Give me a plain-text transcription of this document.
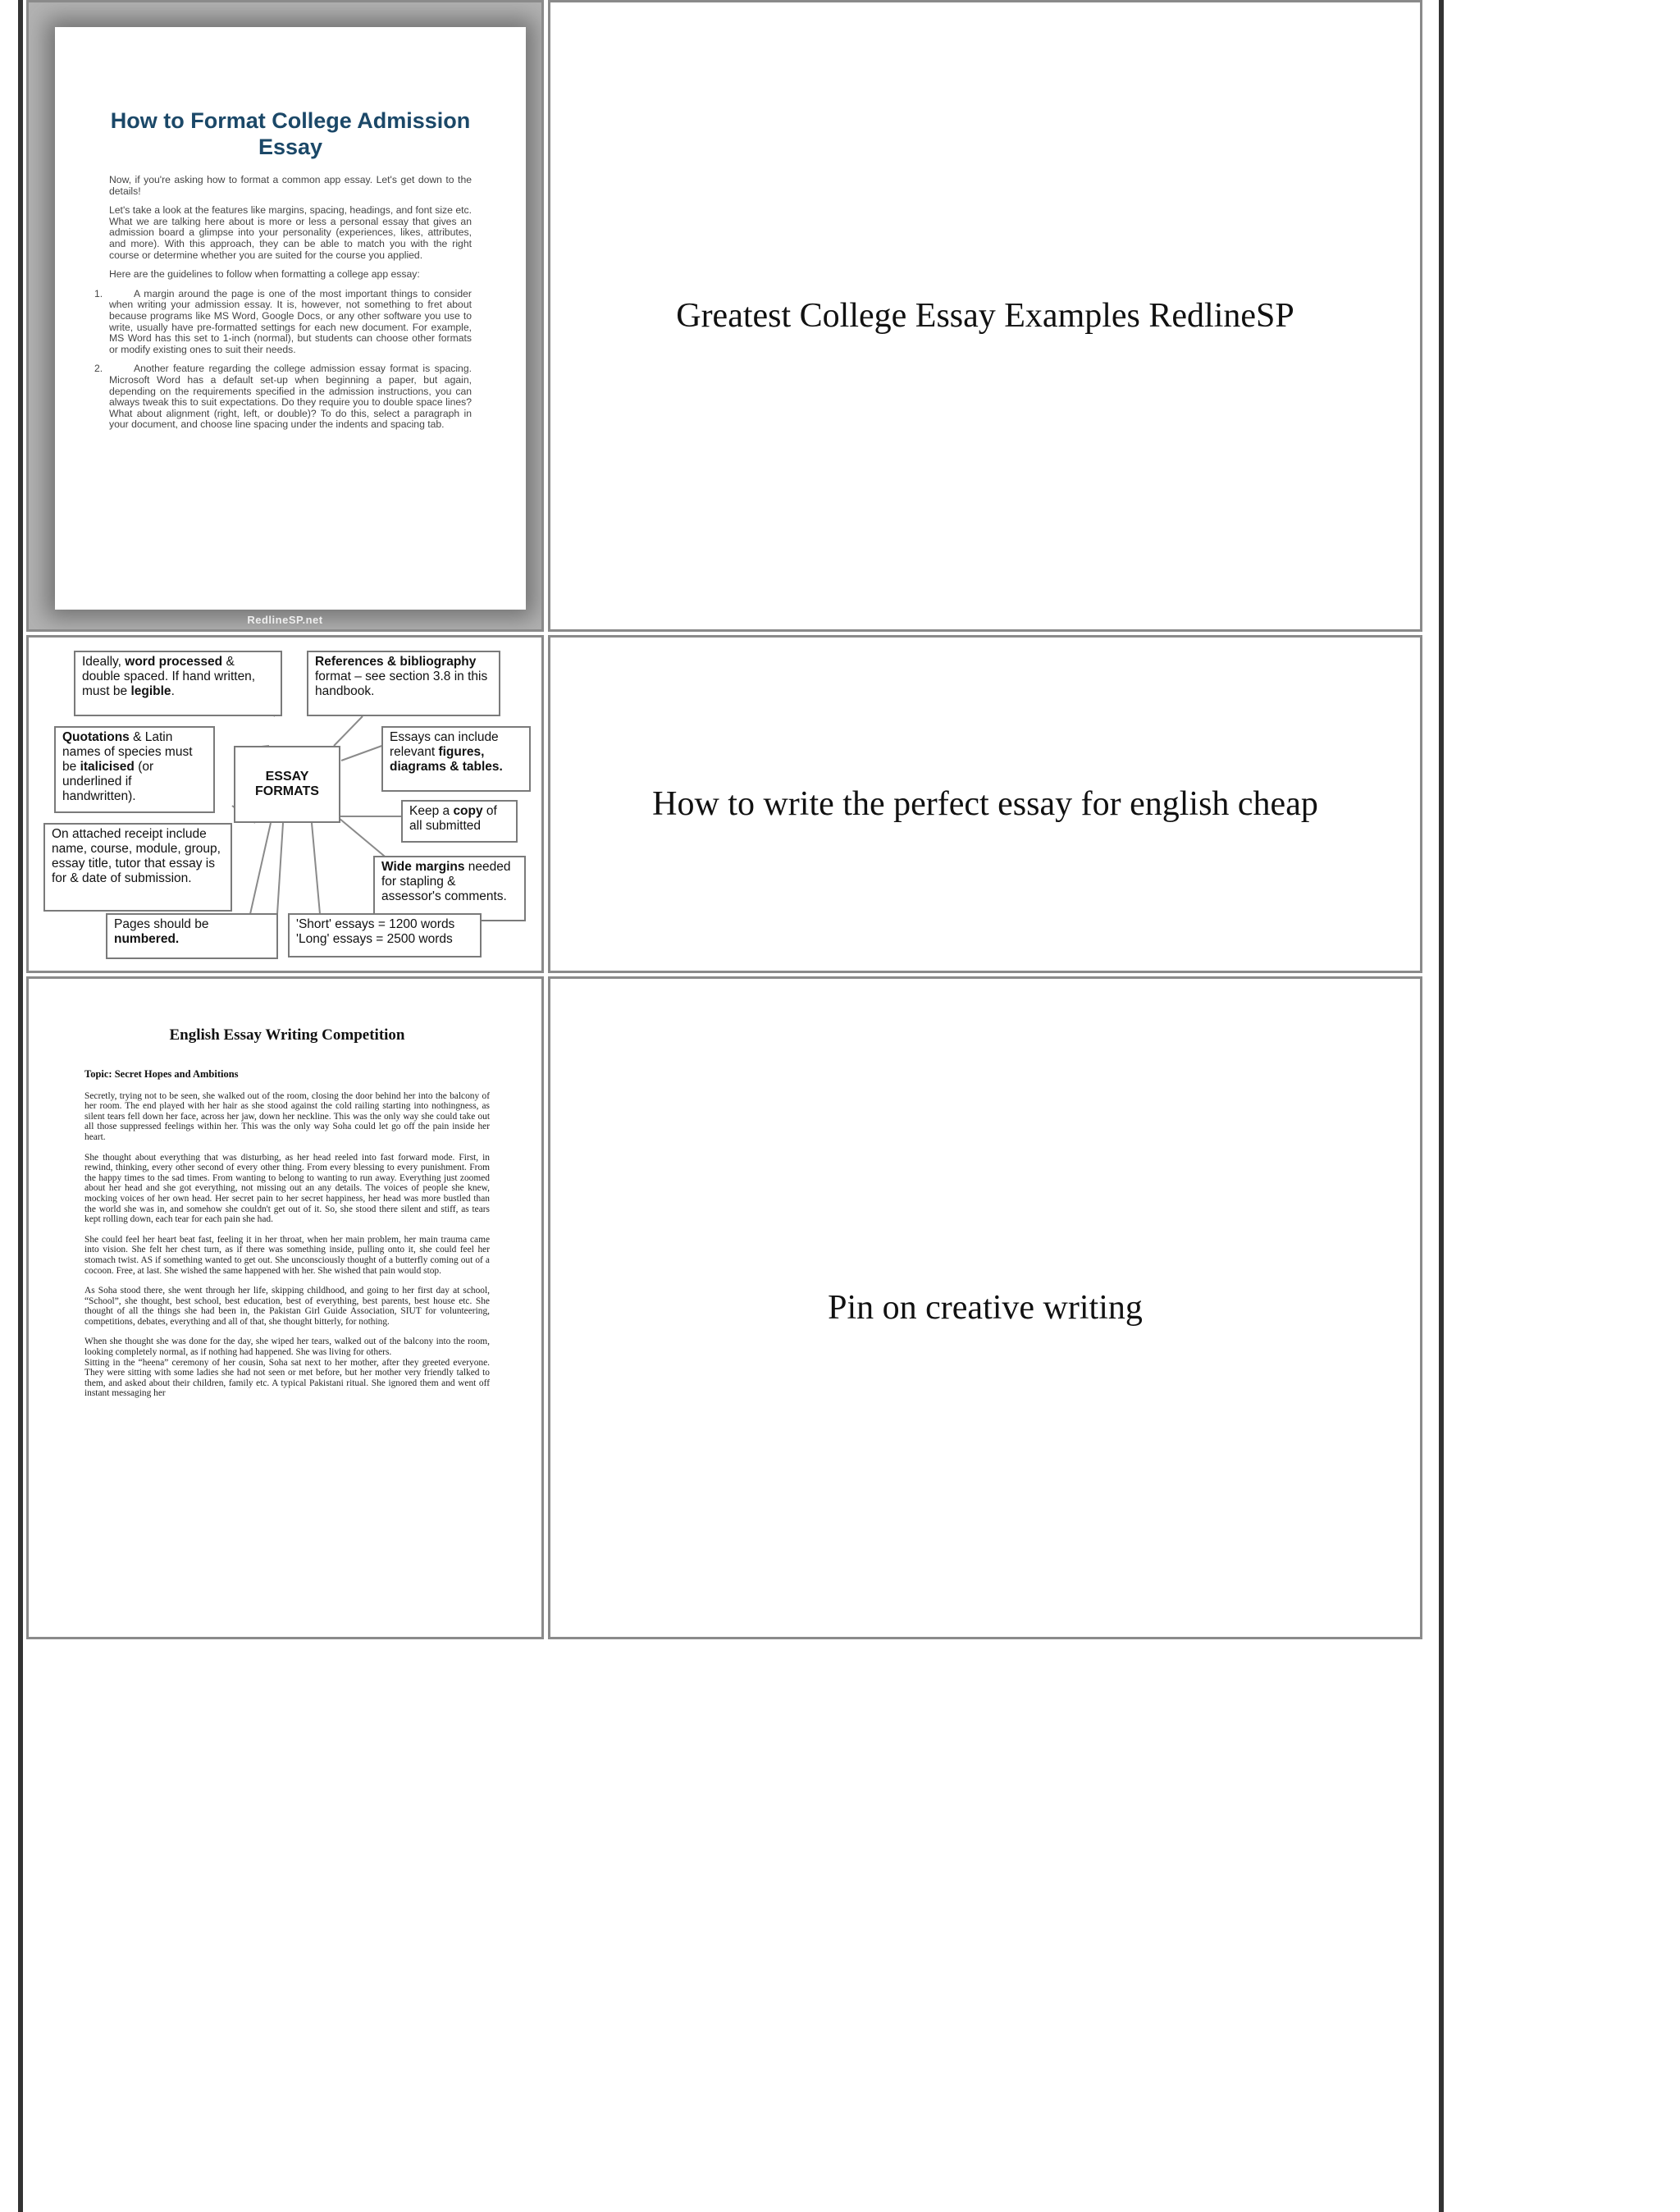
How to Format College Admission Essay

Now, if you're asking how to format a common app essay. Let's get down to the details!

Let's take a look at the features like margins, spacing, headings, and font size etc. What we are talking here about is more or less a personal essay that gives an admission board a glimpse into your personality (experiences, likes, attributes, and more). With this approach, they can be able to match you with the right course or determine whether you are suited for the course you applied.

Here are the guidelines to follow when formatting a college app essay:

1.	A margin around the page is one of the most important things to consider when writing your admission essay. It is, however, not something to fret about because programs like MS Word, Google Docs, or any other software you use to write, usually have pre-formatted settings for each new document. For example, MS Word has this set to 1-inch (normal), but students can choose other formats or modify existing ones to suit their needs.
2.	Another feature regarding the college admission essay format is spacing. Microsoft Word has a default set-up when beginning a paper, but again, depending on the requirements specified in the admission instructions, you can always tweak this to suit expectations. Do they require you to double space lines? What about alignment (right, left, or double)? To do this, select a paragraph in your document, and choose line spacing under the indents and spacing tab.
RedlineSP.net
Greatest College Essay Examples RedlineSP
Ideally, word processed & double spaced. If hand written, must be legible.
References & bibliography format – see section 3.8 in this handbook.
Quotations & Latin names of species must be italicised (or underlined if handwritten).
ESSAY FORMATS
Essays can include relevant figures, diagrams & tables.
Keep a copy of all submitted
On attached receipt include name, course, module, group, essay title, tutor that essay is for & date of submission.
Wide margins needed for stapling & assessor's comments.
Pages should be numbered.
'Short' essays = 1200 words
'Long' essays = 2500 words
How to write the perfect essay for english cheap
English Essay Writing Competition
Topic: Secret Hopes and Ambitions

Secretly, trying not to be seen, she walked out of the room, closing the door behind her into the balcony of her room. The end played with her hair as she stood against the cold railing starting into nothingness, as silent tears fell down her face, across her jaw, down her neckline. This was the only way she could take out all those suppressed feelings within her. This was the only way Soha could let go off the pain inside her heart.

She thought about everything that was disturbing, as her head reeled into fast forward mode. First, in rewind, thinking, every other second of every other thing. From every blessing to every punishment. From the happy times to the sad times. From wanting to belong to wanting to run away. Everything just zoomed about her head and she got everything, not missing out an any details. The voices of people she knew, mocking voices of her own head. Her secret pain to her secret happiness, her head was more bustled than the world she was in, and somehow she couldn't get out of it. So, she stood there silent and stiff, as tears kept rolling down, each tear for each pain she had.

She could feel her heart beat fast, feeling it in her throat, when her main problem, her main trauma came into vision. She felt her chest turn, as if there was something inside, pulling onto it, she could feel her stomach twist. AS if something wanted to get out. She unconsciously thought of a butterfly coming out of a cocoon. Free, at last. She wished the same happened with her. She wished that pain would stop.

As Soha stood there, she went through her life, skipping childhood, and going to her first day at school, “School”, she thought, best school, best education, best of everything, best parents, best house etc. She thought of all the things she had been in, the Pakistan Girl Guide Association, SIUT for volunteering, competitions, debates, everything and all of that, she thought bitterly, for nothing.

When she thought she was done for the day, she wiped her tears, walked out of the balcony into the room, looking completely normal, as if nothing had happened. She was living for others.

Sitting in the “heena” ceremony of her cousin, Soha sat next to her mother, after they greeted everyone. They were sitting with some ladies she had not seen or met before, but her mother very friendly talked to them, and asked about their children, family etc. A typical Pakistani ritual. She ignored them and went off instant messaging her

Pin on creative writing
